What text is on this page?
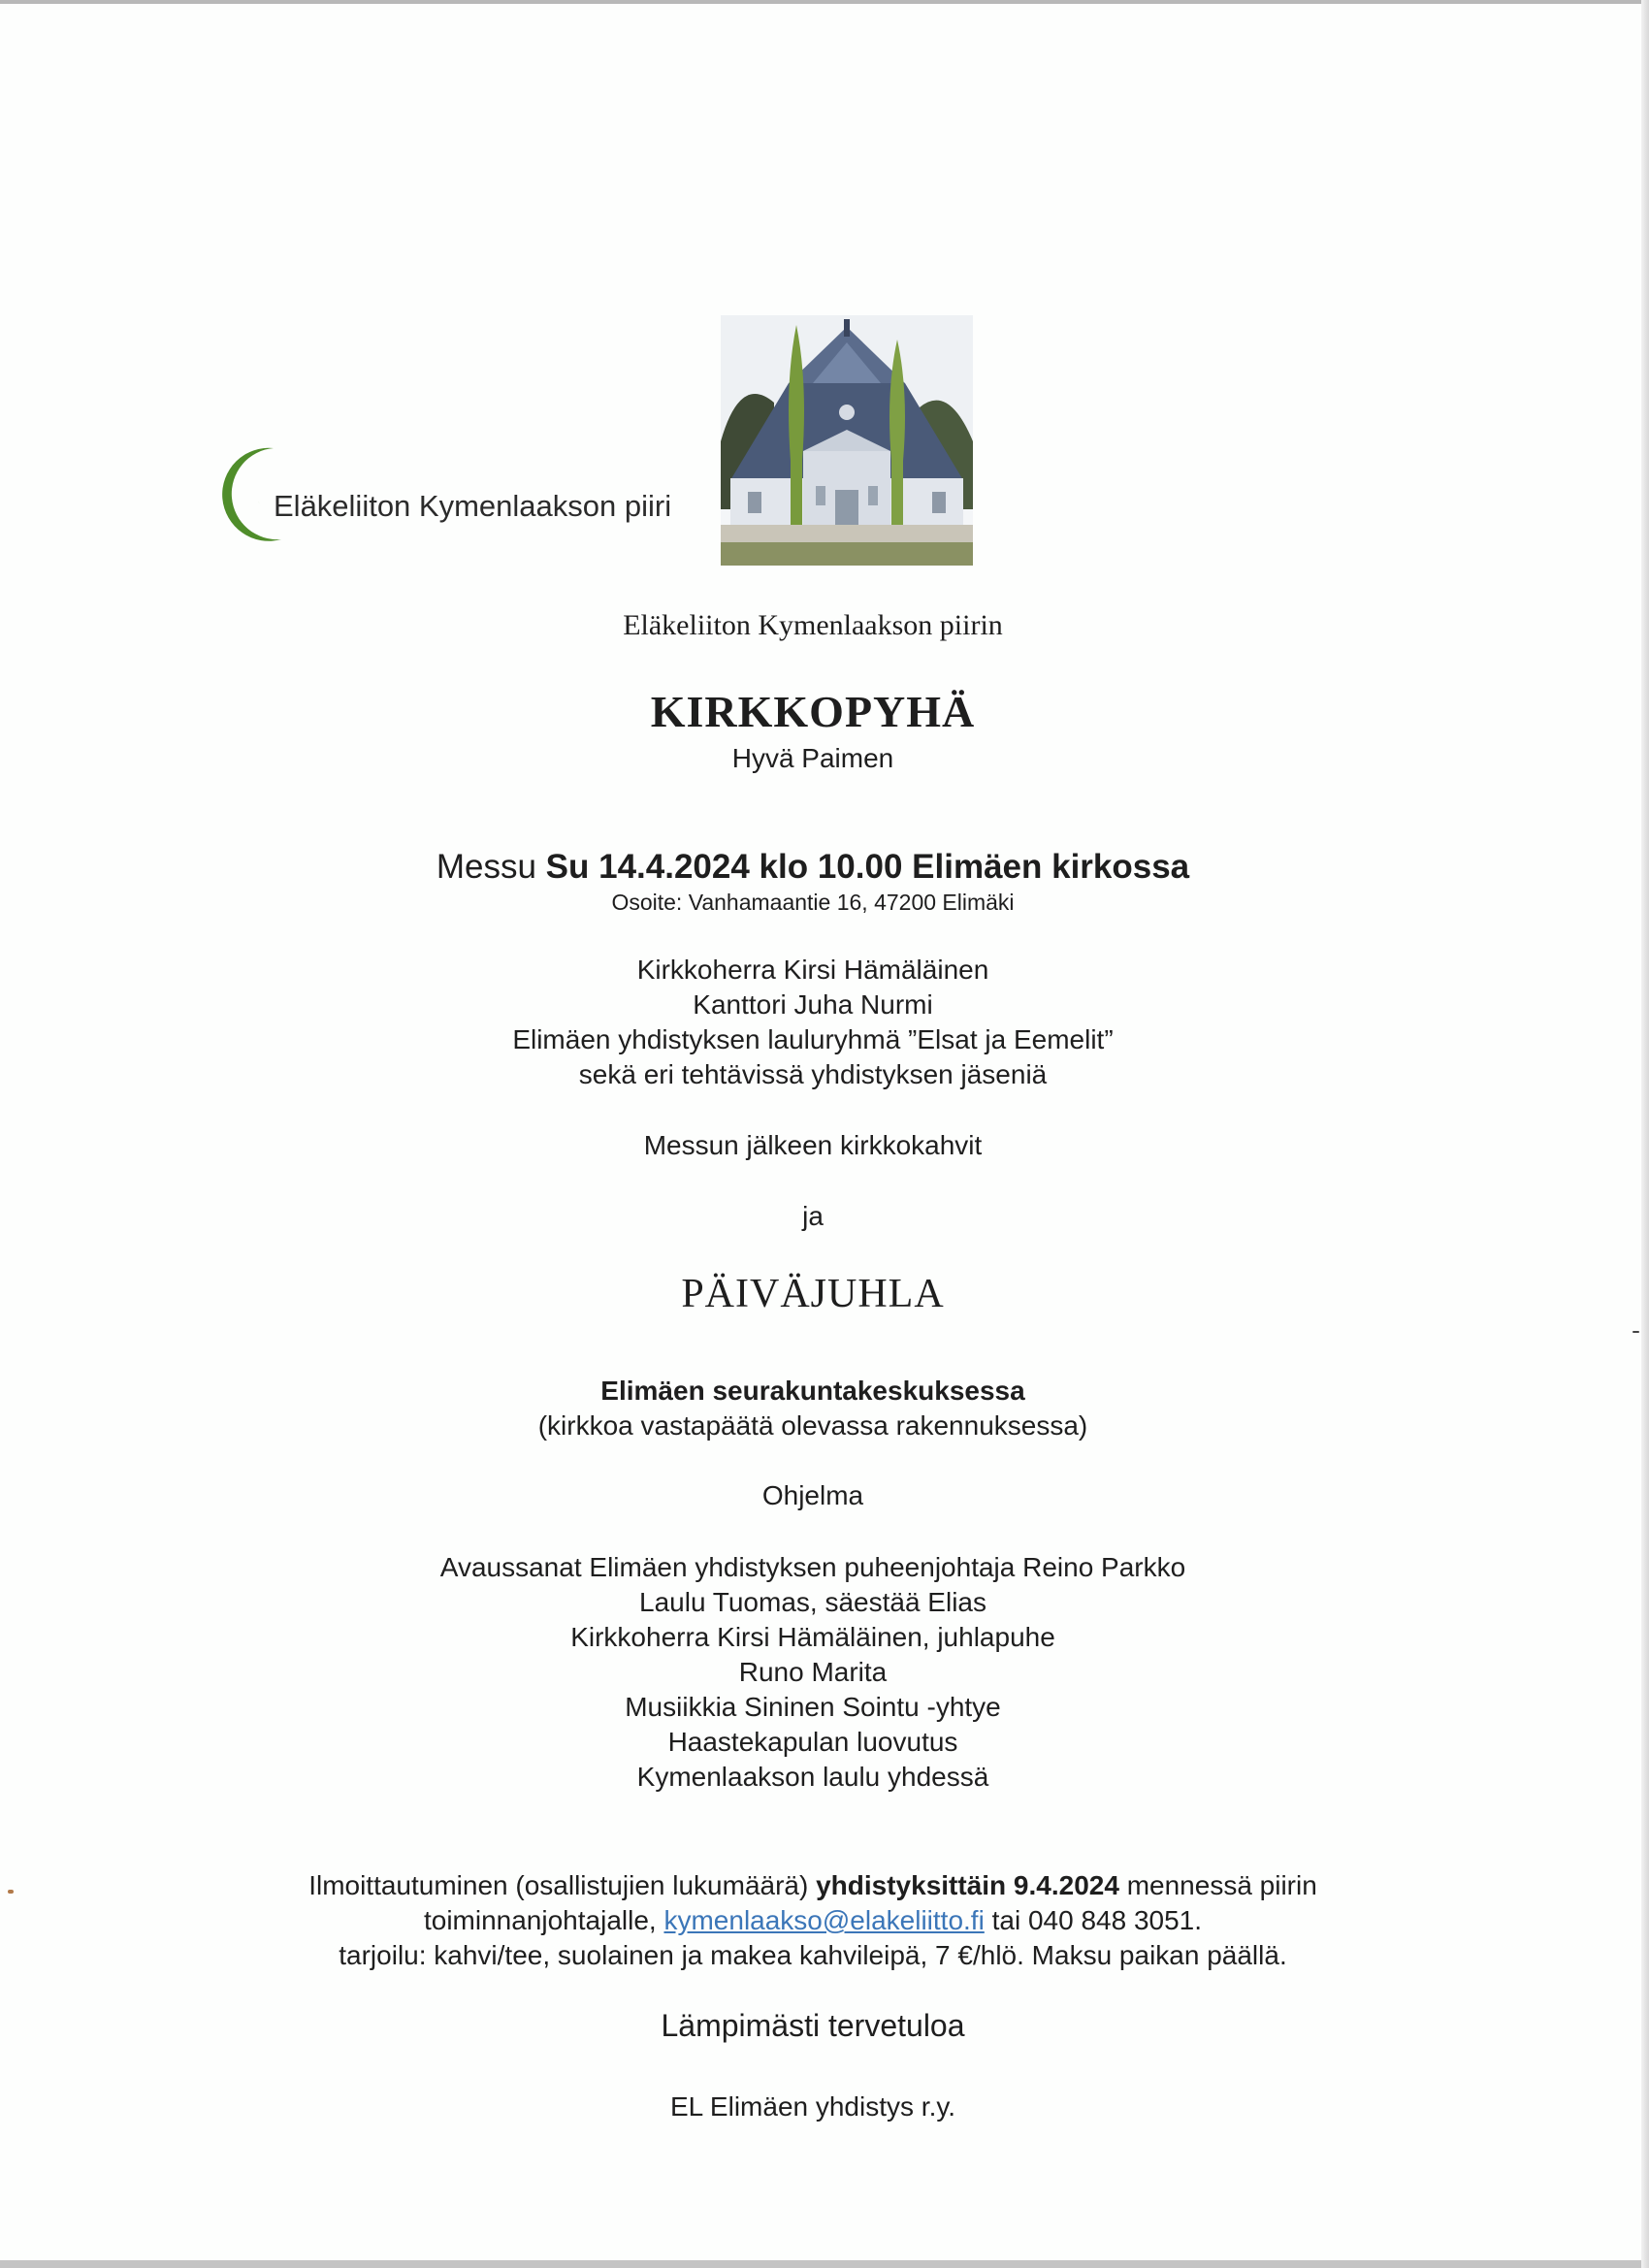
Eläkeliiton Kymenlaakson piiri
Eläkeliiton Kymenlaakson piirin
KIRKKOPYHÄ
Hyvä Paimen
Messu Su 14.4.2024 klo 10.00 Elimäen kirkossa
Osoite: Vanhamaantie 16, 47200 Elimäki
Kirkkoherra Kirsi Hämäläinen
Kanttori Juha Nurmi
Elimäen yhdistyksen lauluryhmä ”Elsat ja Eemelit”
sekä eri tehtävissä yhdistyksen jäseniä
Messun jälkeen kirkkokahvit
ja
PÄIVÄJUHLA
Elimäen seurakuntakeskuksessa
(kirkkoa vastapäätä olevassa rakennuksessa)
Ohjelma
Avaussanat Elimäen yhdistyksen puheenjohtaja Reino Parkko
Laulu Tuomas, säestää Elias
Kirkkoherra Kirsi Hämäläinen, juhlapuhe
Runo Marita
Musiikkia Sininen Sointu -yhtye
Haastekapulan luovutus
Kymenlaakson laulu yhdessä
Ilmoittautuminen (osallistujien lukumäärä) yhdistyksittäin 9.4.2024 mennessä piirin
toiminnanjohtajalle, kymenlaakso@elakeliitto.fi tai 040 848 3051.
tarjoilu: kahvi/tee, suolainen ja makea kahvileipä, 7 €/hlö. Maksu paikan päällä.
Lämpimästi tervetuloa
EL Elimäen yhdistys r.y.
